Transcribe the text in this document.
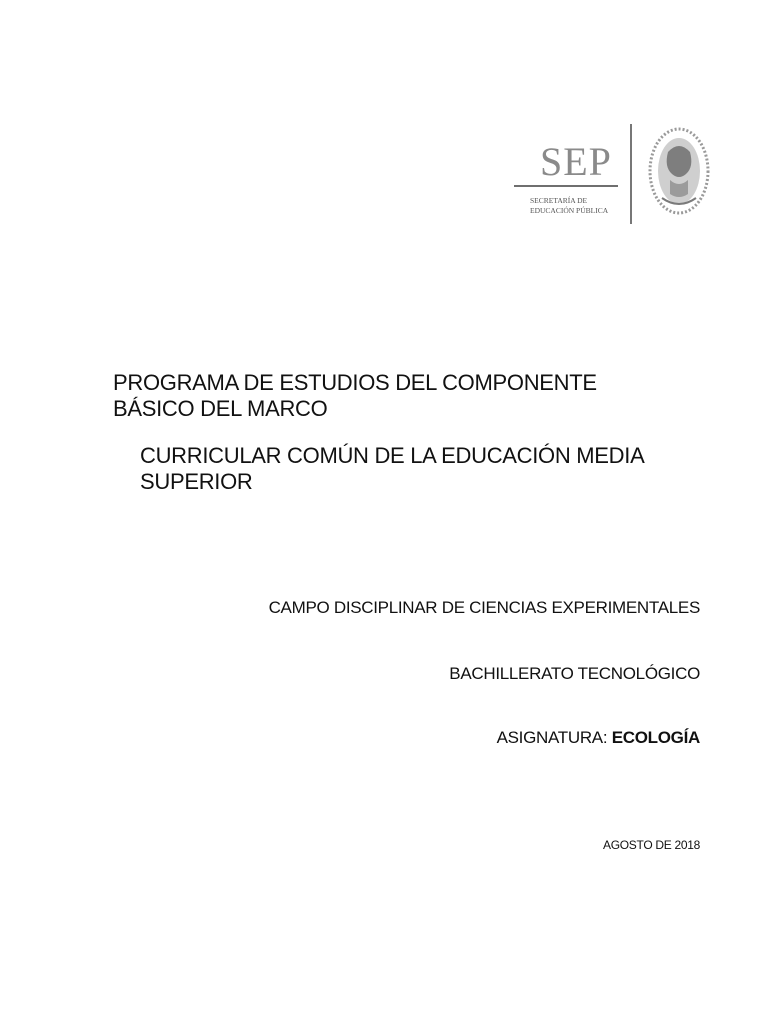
SEP
SECRETARÍA DE
EDUCACIÓN PÚBLICA
PROGRAMA DE ESTUDIOS DEL COMPONENTE BÁSICO DEL MARCO
CURRICULAR COMÚN DE LA EDUCACIÓN MEDIA SUPERIOR
CAMPO DISCIPLINAR DE CIENCIAS EXPERIMENTALES
BACHILLERATO TECNOLÓGICO
ASIGNATURA: ECOLOGÍA
AGOSTO DE 2018
